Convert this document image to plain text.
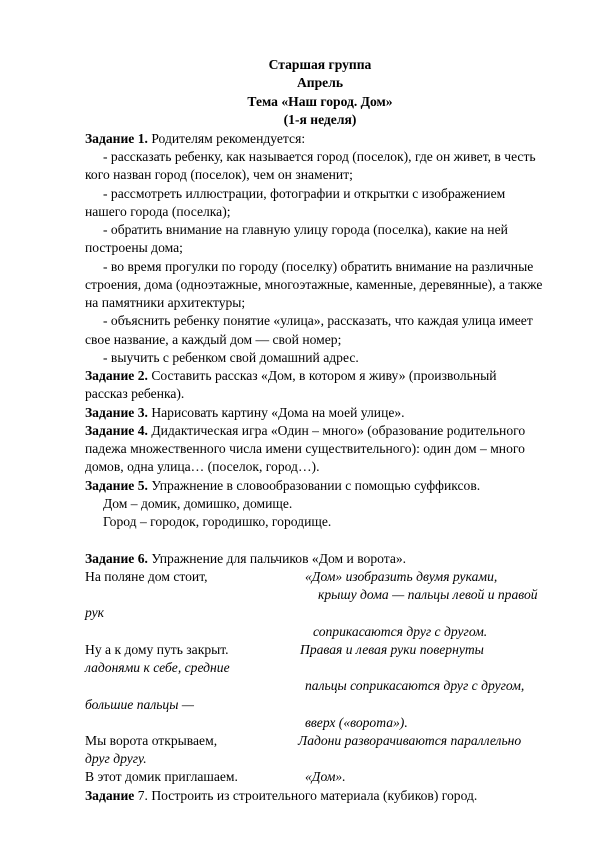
Старшая группа
Апрель
Тема «Наш город. Дом»
(1-я неделя)
Задание 1. Родителям рекомендуется:
- рассказать ребенку, как называется город (поселок), где он живет, в честь
кого назван город (поселок), чем он знаменит;
- рассмотреть иллюстрации, фотографии и открытки с изображением
нашего города (поселка);
- обратить внимание на главную улицу города (поселка), какие на ней
построены дома;
- во время прогулки по городу (поселку) обратить внимание на различные
строения, дома (одноэтажные, многоэтажные, каменные, деревянные), а также
на памятники архитектуры;
- объяснить ребенку понятие «улица», рассказать, что каждая улица имеет
свое название, а каждый дом — свой номер;
- выучить с ребенком свой домашний адрес.
Задание 2. Составить рассказ «Дом, в котором я живу» (произвольный
рассказ ребенка).
Задание 3. Нарисовать картину «Дома на моей улице».
Задание 4. Дидактическая игра «Один – много» (образование родительного
падежа множественного числа имени существительного): один дом – много
домов, одна улица… (поселок, город…).
Задание 5. Упражнение в словообразовании с помощью суффиксов.
Дом – домик, домишко, домище.
Город – городок, городишко, городище.
Задание 6. Упражнение для пальчиков «Дом и ворота».
На поляне дом стоит,	«Дом» изобразить двумя руками,
крышу дома — пальцы левой и правой
рук
соприкасаются друг с другом.
Ну а к дому путь закрыт.	Правая и левая руки повернуты
ладонями к себе, средние
пальцы соприкасаются друг с другом,
большие пальцы —
вверх («ворота»).
Мы ворота открываем,	Ладони разворачиваются параллельно
друг другу.
В этот домик приглашаем.	«Дом».
Задание 7. Построить из строительного материала (кубиков) город.
